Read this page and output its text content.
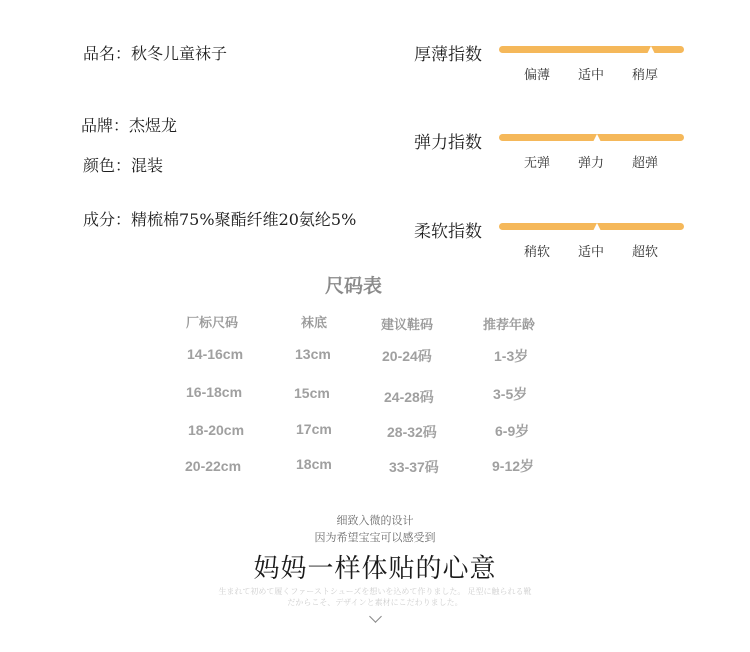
品名：秋冬儿童袜子
品牌：杰煜龙
颜色：混装
成分：精梳棉75%聚酯纤维20氨纶5%
厚薄指数
偏薄 适中 稍厚
弹力指数
无弹 弹力 超弹
柔软指数
稍软 适中 超软
尺码表
厂标尺码	袜底	建议鞋码	推荐年龄
14-16cm	13cm	20-24码	1-3岁
16-18cm	15cm	24-28码	3-5岁
18-20cm	17cm	28-32码	6-9岁
20-22cm	18cm	33-37码	9-12岁
细致入微的设计
因为希望宝宝可以感受到
妈妈一样体贴的心意
生まれて初めて履くファーストシューズを想いを込めて作りました。 足型に触られる靴
だからこそ、デザインと素材にこだわりました。
